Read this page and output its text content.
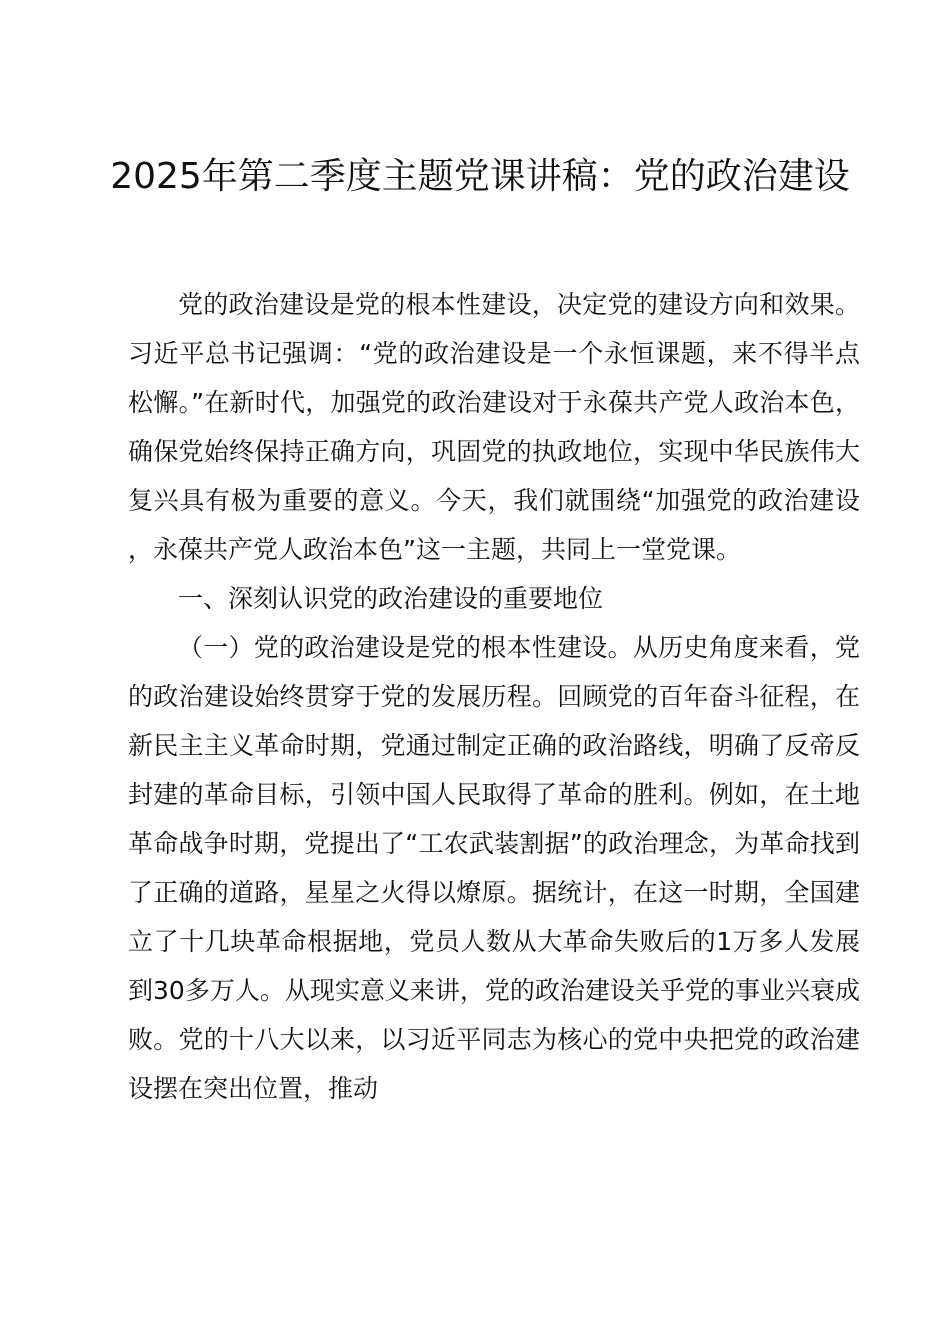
2025年第二季度主题党课讲稿：党的政治建设

党的政治建设是党的根本性建设，决定党的建设方向和效果。习近平总书记强调：“党的政治建设是一个永恒课题，来不得半点松懈。”在新时代，加强党的政治建设对于永葆共产党人政治本色，确保党始终保持正确方向，巩固党的执政地位，实现中华民族伟大复兴具有极为重要的意义。今天，我们就围绕“加强党的政治建设，永葆共产党人政治本色”这一主题，共同上一堂党课。

一、深刻认识党的政治建设的重要地位

（一）党的政治建设是党的根本性建设。从历史角度来看，党的政治建设始终贯穿于党的发展历程。回顾党的百年奋斗征程，在新民主主义革命时期，党通过制定正确的政治路线，明确了反帝反封建的革命目标，引领中国人民取得了革命的胜利。例如，在土地革命战争时期，党提出了“工农武装割据”的政治理念，为革命找到了正确的道路，星星之火得以燎原。据统计，在这一时期，全国建立了十几块革命根据地，党员人数从大革命失败后的1万多人发展到30多万人。从现实意义来讲，党的政治建设关乎党的事业兴衰成败。党的十八大以来，以习近平同志为核心的党中央把党的政治建设摆在突出位置，推动
